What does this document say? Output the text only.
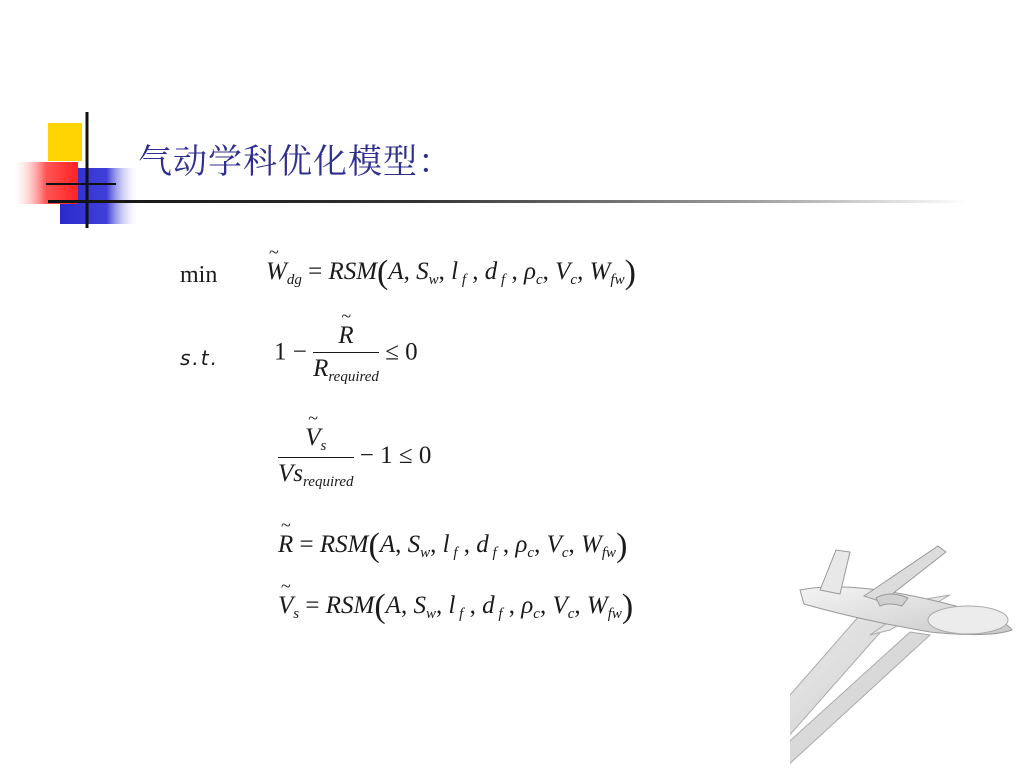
气动学科优化模型：
min ~ $W_{dg} = RSM(A$, $S_w$, l $_f$ , d $_f$ , $\rho_c$, $V_c$, $W_{fw}$)
s.t. 1 − ~ $\frac{R}{R_{required}} \le 0$
~ $\frac{V_s}{Vs_{required}} - 1 \le 0$
~ R = RSM(A, $S_w$, l $_f$ , d $_f$ , $\rho_c$, $V_c$, $W_{fw}$)
~ $V_s = RSM(A$, $S_w$, l $_f$ , d $_f$ , $\rho_c$, $V_c$, $W_{fw}$)
